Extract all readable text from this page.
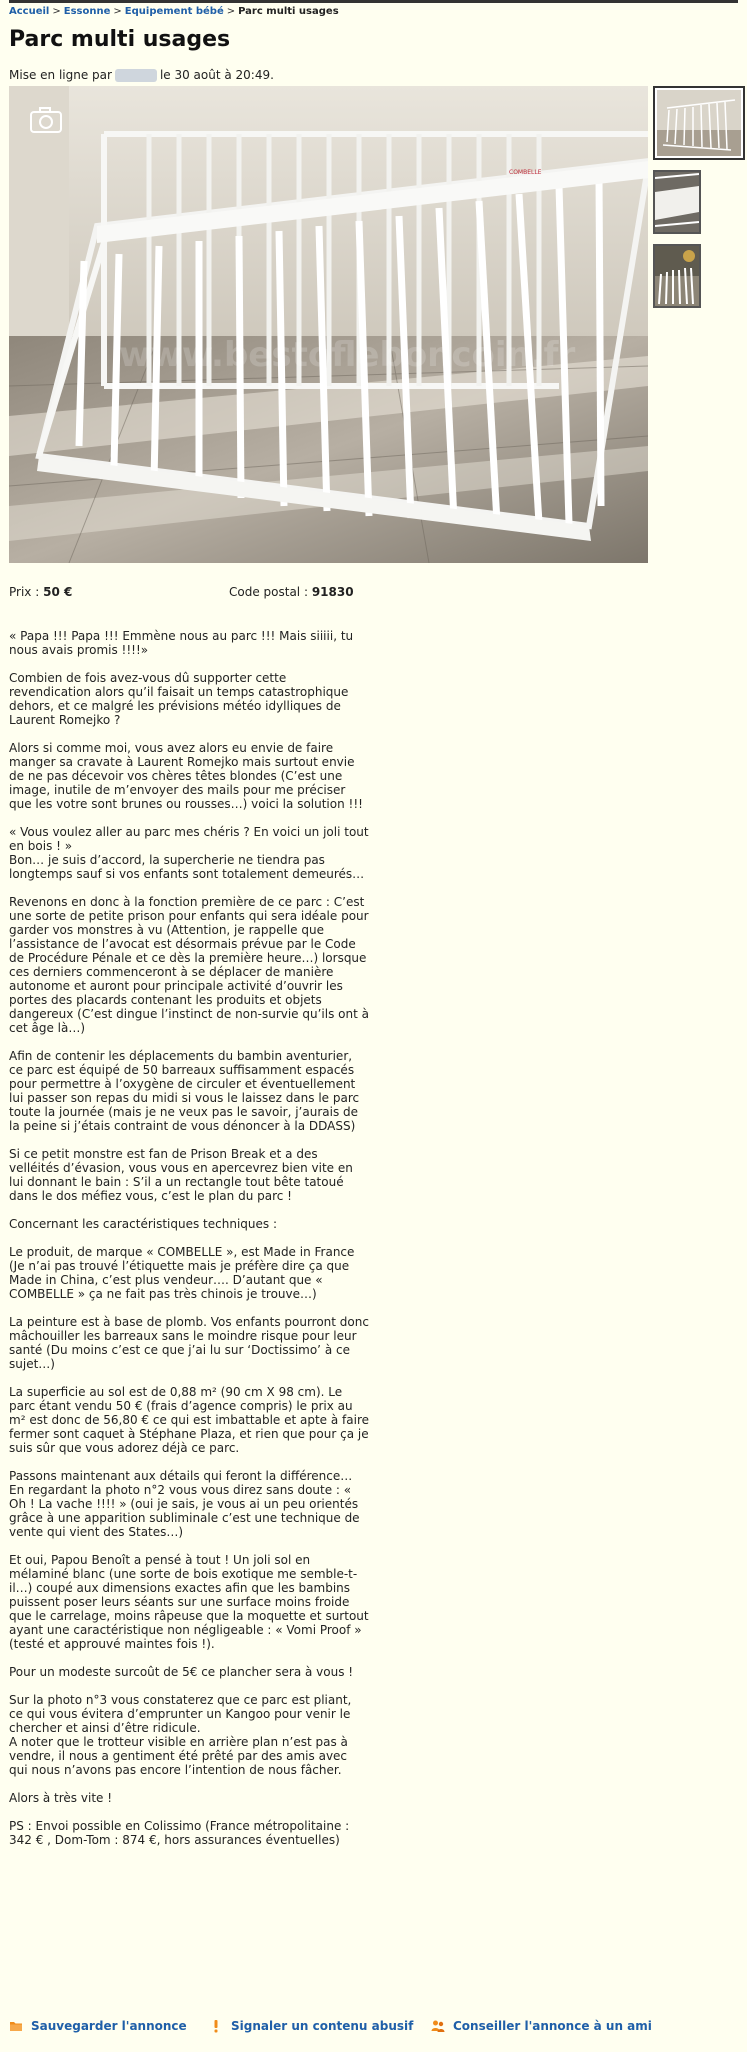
Accueil > Essonne > Equipement bébé > Parc multi usages
Parc multi usages
Mise en ligne par	le 30 août à 20:49.
COMBELLE
www.bestofleboncoin.fr
Prix : 50 €	Code postal : 91830

« Papa !!! Papa !!! Emmène nous au parc !!! Mais siiiii, tu nous avais promis !!!!»

Combien de fois avez-vous dû supporter cette revendication alors qu’il faisait un temps catastrophique dehors, et ce malgré les prévisions météo idylliques de Laurent Romejko ?

Alors si comme moi, vous avez alors eu envie de faire manger sa cravate à Laurent Romejko mais surtout envie de ne pas décevoir vos chères têtes blondes (C’est une image, inutile de m’envoyer des mails pour me préciser que les votre sont brunes ou rousses…) voici la solution !!!

« Vous voulez aller au parc mes chéris ? En voici un joli tout en bois ! »
Bon… je suis d’accord, la supercherie ne tiendra pas longtemps sauf si vos enfants sont totalement demeurés…

Revenons en donc à la fonction première de ce parc : C’est une sorte de petite prison pour enfants qui sera idéale pour garder vos monstres à vu (Attention, je rappelle que l’assistance de l’avocat est désormais prévue par le Code de Procédure Pénale et ce dès la première heure…) lorsque ces derniers commenceront à se déplacer de manière autonome et auront pour principale activité d’ouvrir les portes des placards contenant les produits et objets dangereux (C’est dingue l’instinct de non-survie qu’ils ont à cet âge là…)

Afin de contenir les déplacements du bambin aventurier, ce parc est équipé de 50 barreaux suffisamment espacés pour permettre à l’oxygène de circuler et éventuellement lui passer son repas du midi si vous le laissez dans le parc toute la journée (mais je ne veux pas le savoir, j’aurais de la peine si j’étais contraint de vous dénoncer à la DDASS)

Si ce petit monstre est fan de Prison Break et a des velléités d’évasion, vous vous en apercevrez bien vite en lui donnant le bain : S’il a un rectangle tout bête tatoué dans le dos méfiez vous, c’est le plan du parc !

Concernant les caractéristiques techniques :

Le produit, de marque « COMBELLE », est Made in France (Je n’ai pas trouvé l’étiquette mais je préfère dire ça que Made in China, c’est plus vendeur…. D’autant que « COMBELLE » ça ne fait pas très chinois je trouve…)

La peinture est à base de plomb. Vos enfants pourront donc mâchouiller les barreaux sans le moindre risque pour leur santé (Du moins c’est ce que j’ai lu sur ‘Doctissimo’ à ce sujet…)

La superficie au sol est de 0,88 m² (90 cm X 98 cm). Le parc étant vendu 50 € (frais d’agence compris) le prix au m² est donc de 56,80 € ce qui est imbattable et apte à faire fermer sont caquet à Stéphane Plaza, et rien que pour ça je suis sûr que vous adorez déjà ce parc.

Passons maintenant aux détails qui feront la différence…
En regardant la photo n°2 vous vous direz sans doute : « Oh ! La vache !!!! » (oui je sais, je vous ai un peu orientés grâce à une apparition subliminale c’est une technique de vente qui vient des States…)

Et oui, Papou Benoît a pensé à tout ! Un joli sol en mélaminé blanc (une sorte de bois exotique me semble-t-il…) coupé aux dimensions exactes afin que les bambins puissent poser leurs séants sur une surface moins froide que le carrelage, moins râpeuse que la moquette et surtout ayant une caractéristique non négligeable : « Vomi Proof » (testé et approuvé maintes fois !).

Pour un modeste surcoût de 5€ ce plancher sera à vous !

Sur la photo n°3 vous constaterez que ce parc est pliant, ce qui vous évitera d’emprunter un Kangoo pour venir le chercher et ainsi d’être ridicule.
A noter que le trotteur visible en arrière plan n’est pas à vendre, il nous a gentiment été prêté par des amis avec qui nous n’avons pas encore l’intention de nous fâcher.

Alors à très vite !

PS : Envoi possible en Colissimo (France métropolitaine : 342 € , Dom-Tom : 874 €, hors assurances éventuelles)

Sauvegarder l'annonce	Signaler un contenu abusif	Conseiller l'annonce à un ami
